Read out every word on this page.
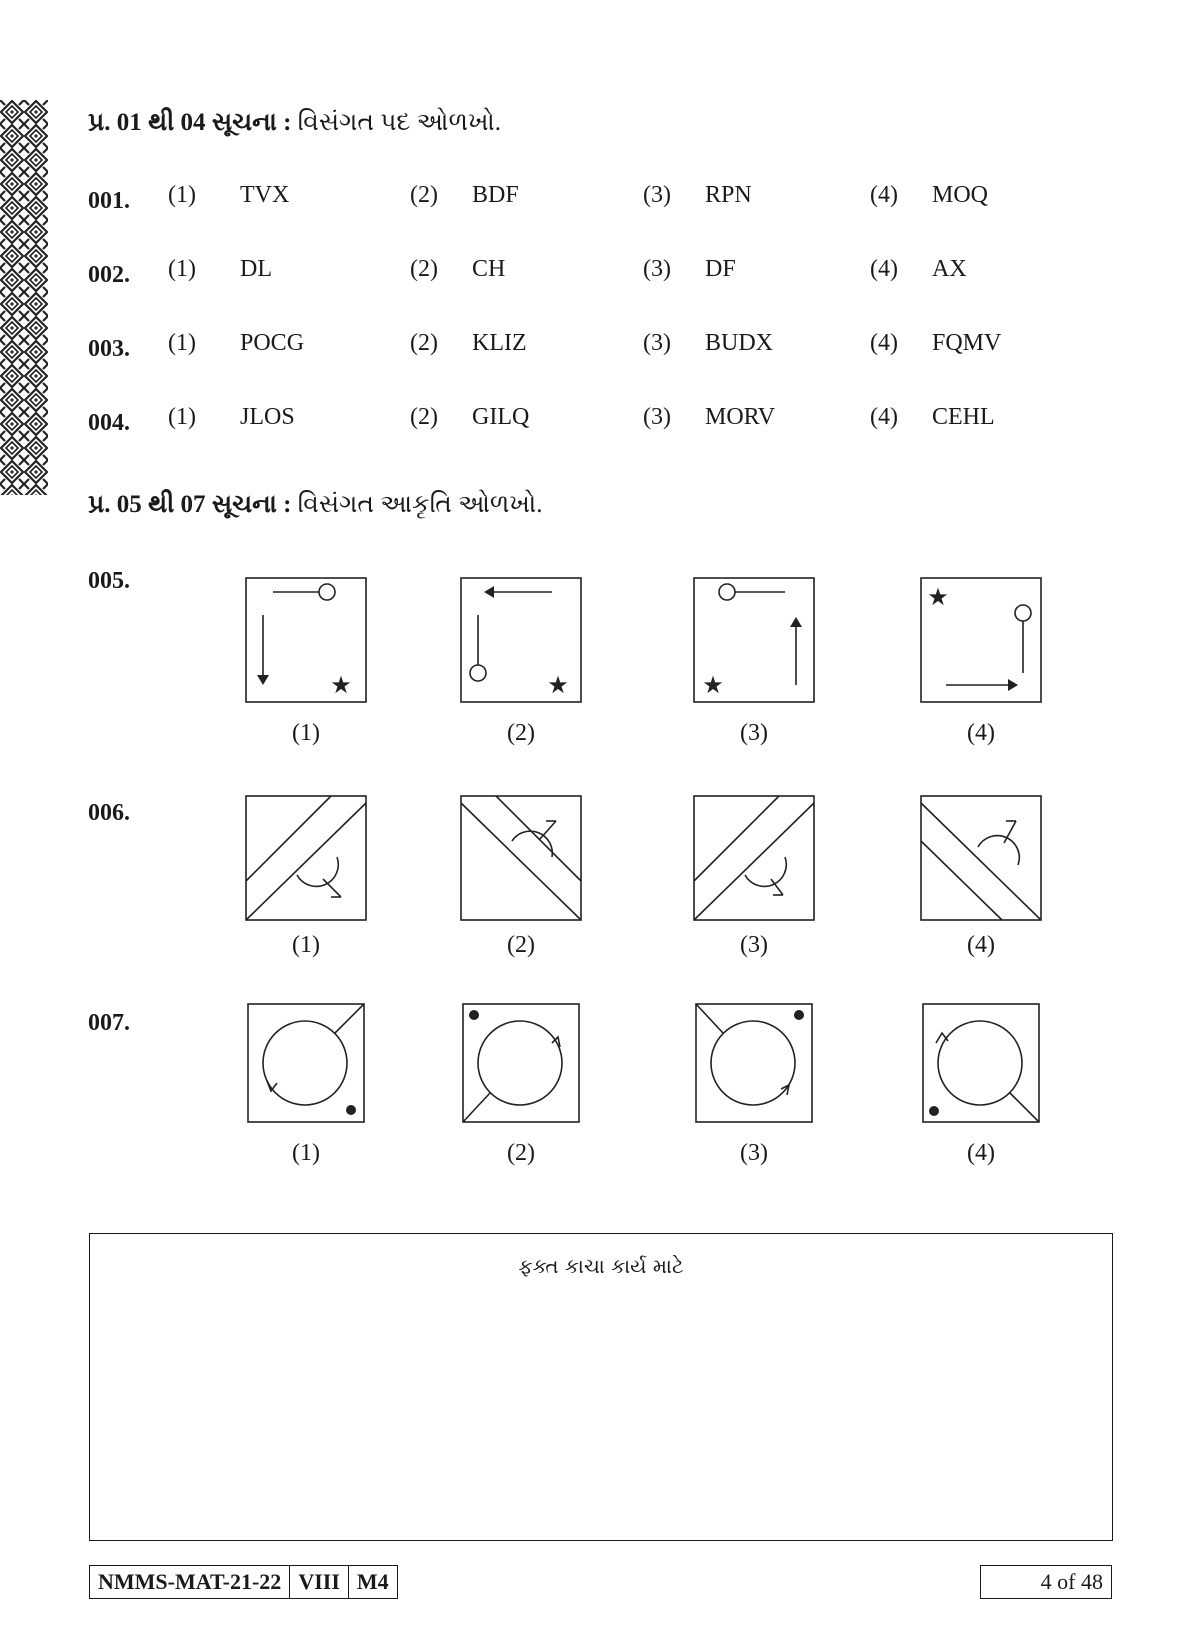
પ્ર. 01 થી 04 સૂચના : વિસંગત પદ ઓળખો.
001. (1) TVX	(2) BDF	(3) RPN	(4) MOQ
002. (1) DL	(2) CH	(3) DF	(4) AX
003. (1) POCG	(2) KLIZ	(3) BUDX	(4) FQMV
004. (1) JLOS	(2) GILQ	(3) MORV	(4) CEHL
પ્ર. 05 થી 07 સૂચના : વિસંગત આકૃતિ ઓળખો.
005.
★
(1)
★
(2)
★
(3)
★
(4)
006.
(1)	(2)	(3)	(4)
007.
(1)	(2)	(3)	(4)
ફક્ત કાચા કાર્ય માટે
NMMS-MAT-21-22 VIII M4	4 of 48
